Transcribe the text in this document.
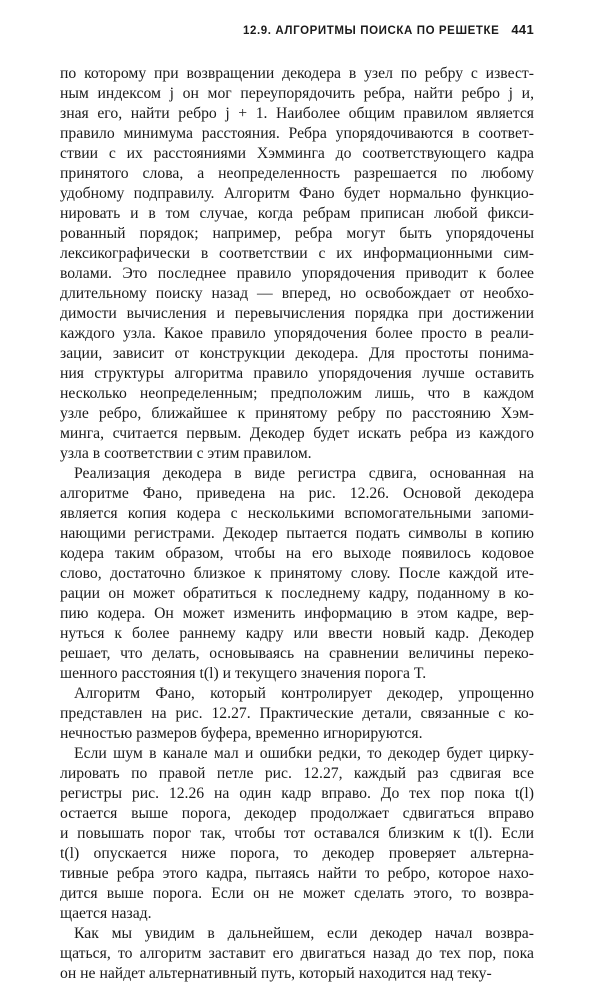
12.9. АЛГОРИТМЫ ПОИСКА ПО РЕШЕТКЕ 441
по которому при возвращении декодера в узел по ребру с извест-
ным индексом j он мог переупорядочить ребра, найти ребро j и,
зная его, найти ребро j + 1. Наиболее общим правилом является
правило минимума расстояния. Ребра упорядочиваются в соответ-
ствии с их расстояниями Хэмминга до соответствующего кадра
принятого слова, а неопределенность разрешается по любому
удобному подправилу. Алгоритм Фано будет нормально функцио-
нировать и в том случае, когда ребрам приписан любой фикси-
рованный порядок; например, ребра могут быть упорядочены
лексикографически в соответствии с их информационными сим-
волами. Это последнее правило упорядочения приводит к более
длительному поиску назад — вперед, но освобождает от необхо-
димости вычисления и перевычисления порядка при достижении
каждого узла. Какое правило упорядочения более просто в реали-
зации, зависит от конструкции декодера. Для простоты понима-
ния структуры алгоритма правило упорядочения лучше оставить
несколько неопределенным; предположим лишь, что в каждом
узле ребро, ближайшее к принятому ребру по расстоянию Хэм-
минга, считается первым. Декодер будет искать ребра из каждого
узла в соответствии с этим правилом.
Реализация декодера в виде регистра сдвига, основанная на
алгоритме Фано, приведена на рис. 12.26. Основой декодера
является копия кодера с несколькими вспомогательными запоми-
нающими регистрами. Декодер пытается подать символы в копию
кодера таким образом, чтобы на его выходе появилось кодовое
слово, достаточно близкое к принятому слову. После каждой ите-
рации он может обратиться к последнему кадру, поданному в ко-
пию кодера. Он может изменить информацию в этом кадре, вер-
нуться к более раннему кадру или ввести новый кадр. Декодер
решает, что делать, основываясь на сравнении величины переко-
шенного расстояния t(l) и текущего значения порога T.
Алгоритм Фано, который контролирует декодер, упрощенно
представлен на рис. 12.27. Практические детали, связанные с ко-
нечностью размеров буфера, временно игнорируются.
Если шум в канале мал и ошибки редки, то декодер будет цирку-
лировать по правой петле рис. 12.27, каждый раз сдвигая все
регистры рис. 12.26 на один кадр вправо. До тех пор пока t(l)
остается выше порога, декодер продолжает сдвигаться вправо
и повышать порог так, чтобы тот оставался близким к t(l). Если
t(l) опускается ниже порога, то декодер проверяет альтерна-
тивные ребра этого кадра, пытаясь найти то ребро, которое нахо-
дится выше порога. Если он не может сделать этого, то возвра-
щается назад.
Как мы увидим в дальнейшем, если декодер начал возвра-
щаться, то алгоритм заставит его двигаться назад до тех пор, пока
он не найдет альтернативный путь, который находится над теку-
